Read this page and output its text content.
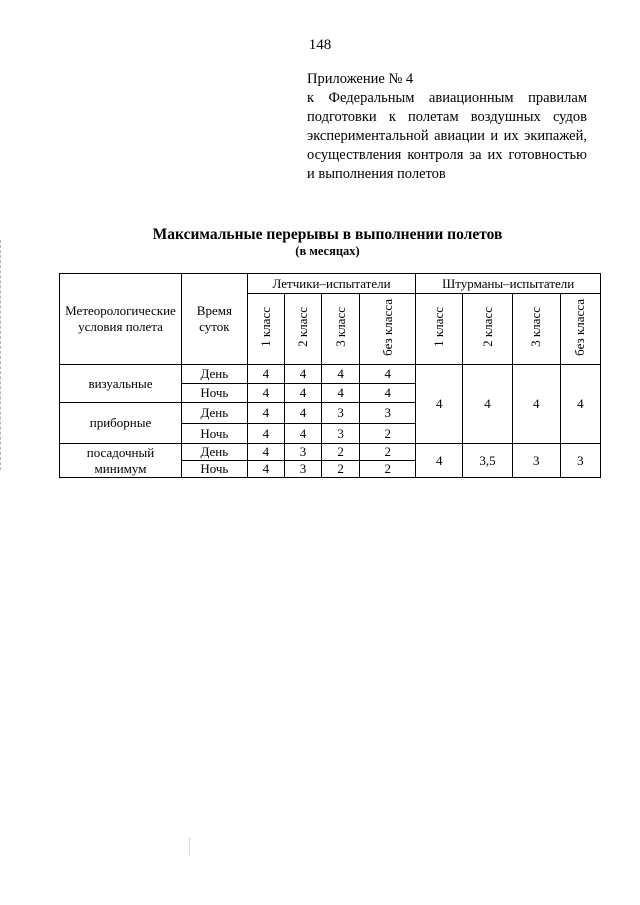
148
Приложение № 4
к Федеральным авиационным правилам
подготовки к полетам воздушных судов
экспериментальной авиации и их экипажей,
осуществления контроля за их готовностью
и выполнения полетов
Максимальные перерывы в выполнении полетов
(в месяцах)
Метеорологические условия полета	Время суток	Летчики–испытатели				Штурманы–испытатели			
		1 класс	2 класс	3 класс	без класса	1 класс	2 класс	3 класс	без класса
визуальные	День	4	4	4	4	4	4	4	4
	Ночь	4	4	4	4				
приборные	День	4	4	3	3				
	Ночь	4	4	3	2				
посадочный минимум	День	4	3	2	2	4	3,5	3	3
	Ночь	4	3	2	2				
